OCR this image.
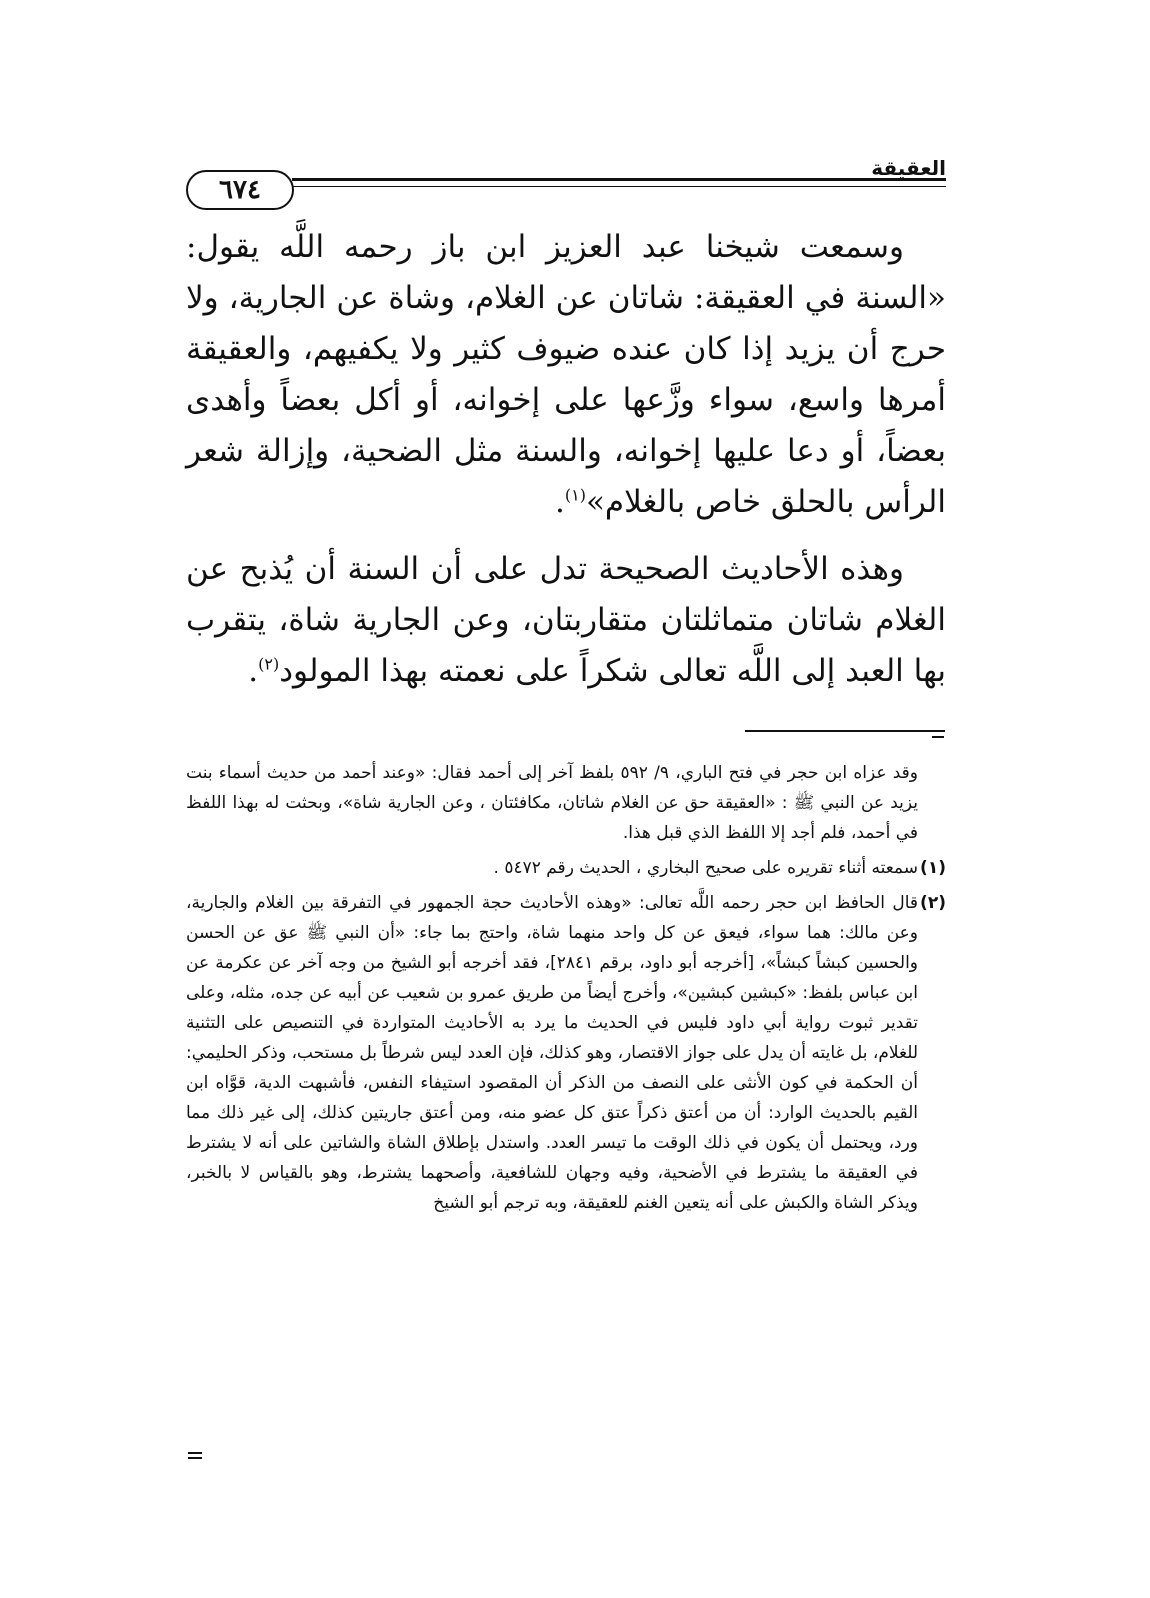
العقيقة
٦٧٤

وسمعت شيخنا عبد العزيز ابن باز رحمه اللَّه يقول: «السنة في العقيقة: شاتان عن الغلام، وشاة عن الجارية، ولا حرج أن يزيد إذا كان عنده ضيوف كثير ولا يكفيهم، والعقيقة أمرها واسع، سواء وزَّعها على إخوانه، أو أكل بعضاً وأهدى بعضاً، أو دعا عليها إخوانه، والسنة مثل الضحية، وإزالة شعر الرأس بالحلق خاص بالغلام»$^{(١)}$.

وهذه الأحاديث الصحيحة تدل على أن السنة أن يُذبح عن الغلام شاتان متماثلتان متقاربتان، وعن الجارية شاة، يتقرب بها العبد إلى اللَّه تعالى شكراً على نعمته بهذا المولود$^{(٢)}$.

وقد عزاه ابن حجر في فتح الباري، ٩/ ٥٩٢ بلفظ آخر إلى أحمد فقال: «وعند أحمد من حديث أسماء بنت يزيد عن النبي ﷺ : «العقيقة حق عن الغلام شاتان، مكافئتان ، وعن الجارية شاة»، وبحثت له بهذا اللفظ في أحمد، فلم أجد إلا اللفظ الذي قبل هذا.

(١)سمعته أثناء تقريره على صحيح البخاري ، الحديث رقم ٥٤٧٢ .

(٢)قال الحافظ ابن حجر رحمه اللَّه تعالى: «وهذه الأحاديث حجة الجمهور في التفرقة بين الغلام والجارية، وعن مالك: هما سواء، فيعق عن كل واحد منهما شاة، واحتج بما جاء: «أن النبي ﷺ عق عن الحسن والحسين كبشاً كبشاً»، [أخرجه أبو داود، برقم ٢٨٤١]، فقد أخرجه أبو الشيخ من وجه آخر عن عكرمة عن ابن عباس بلفظ: «كبشين كبشين»، وأخرج أيضاً من طريق عمرو بن شعيب عن أبيه عن جده، مثله، وعلى تقدير ثبوت رواية أبي داود فليس في الحديث ما يرد به الأحاديث المتواردة في التنصيص على التثنية للغلام، بل غايته أن يدل على جواز الاقتصار، وهو كذلك، فإن العدد ليس شرطاً بل مستحب، وذكر الحليمي: أن الحكمة في كون الأنثى على النصف من الذكر أن المقصود استيفاء النفس، فأشبهت الدية، قوَّاه ابن القيم بالحديث الوارد: أن من أعتق ذكراً عتق كل عضو منه، ومن أعتق جاريتين كذلك، إلى غير ذلك مما ورد، ويحتمل أن يكون في ذلك الوقت ما تيسر العدد. واستدل بإطلاق الشاة والشاتين على أنه لا يشترط في العقيقة ما يشترط في الأضحية، وفيه وجهان للشافعية، وأصحهما يشترط، وهو بالقياس لا بالخبر، ويذكر الشاة والكبش على أنه يتعين الغنم للعقيقة، وبه ترجم أبو الشيخ
